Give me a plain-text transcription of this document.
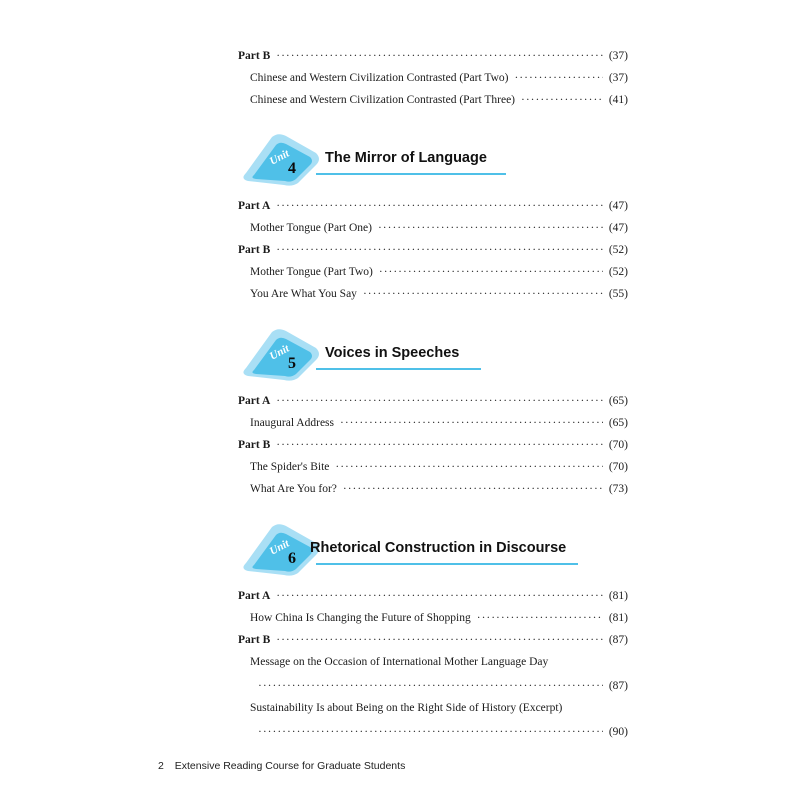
Part B ·····	(37)
Chinese and Western Civilization Contrasted (Part Two) ·····	(37)
Chinese and Western Civilization Contrasted (Part Three) ·····	(41)
Unit
4
The Mirror of Language
Part A ·····	(47)
Mother Tongue (Part One) ·····	(47)
Part B ·····	(52)
Mother Tongue (Part Two) ·····	(52)
You Are What You Say ·····	(55)
Unit
5
Voices in Speeches
Part A ·····	(65)
Inaugural Address ·····	(65)
Part B ·····	(70)
The Spider's Bite ·····	(70)
What Are You for? ·····	(73)
Unit
6
Rhetorical Construction in Discourse
Part A ·····	(81)
How China Is Changing the Future of Shopping ·····	(81)
Part B ·····	(87)
Message on the Occasion of International Mother Language Day
·····
(87)
Sustainability Is about Being on the Right Side of History (Excerpt)
·····
(90)
2 Extensive Reading Course for Graduate Students
